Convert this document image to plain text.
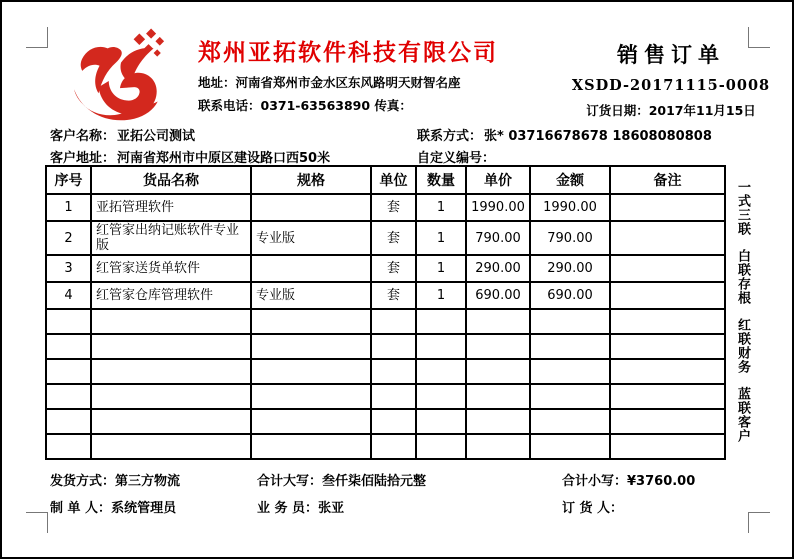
郑州亚拓软件科技有限公司
地址：河南省郑州市金水区东风路明天财智名座
联系电话：0371-63563890 传真：
销售订单
XSDD-20171115-0008
订货日期：2017年11月15日
客户名称： 亚拓公司测试	联系方式： 张* 03716678678 18608080808
客户地址： 河南省郑州市中原区建设路口西50米	自定义编号：
序号	货品名称	规格	单位	数量	单价	金额	备注
1	亚拓管理软件		套	1	1990.00	1990.00	
2	红管家出纳记账软件专业版	专业版	套	1	790.00	790.00	
3	红管家送货单软件		套	1	290.00	290.00	
4	红管家仓库管理软件	专业版	套	1	690.00	690.00	

一式三联
白联存根
红联财务
蓝联客户
发货方式：第三方物流	合计大写：叁仟柒佰陆拾元整	合计小写：¥3760.00
制 单 人：系统管理员	业 务 员：张亚	订 货 人：
